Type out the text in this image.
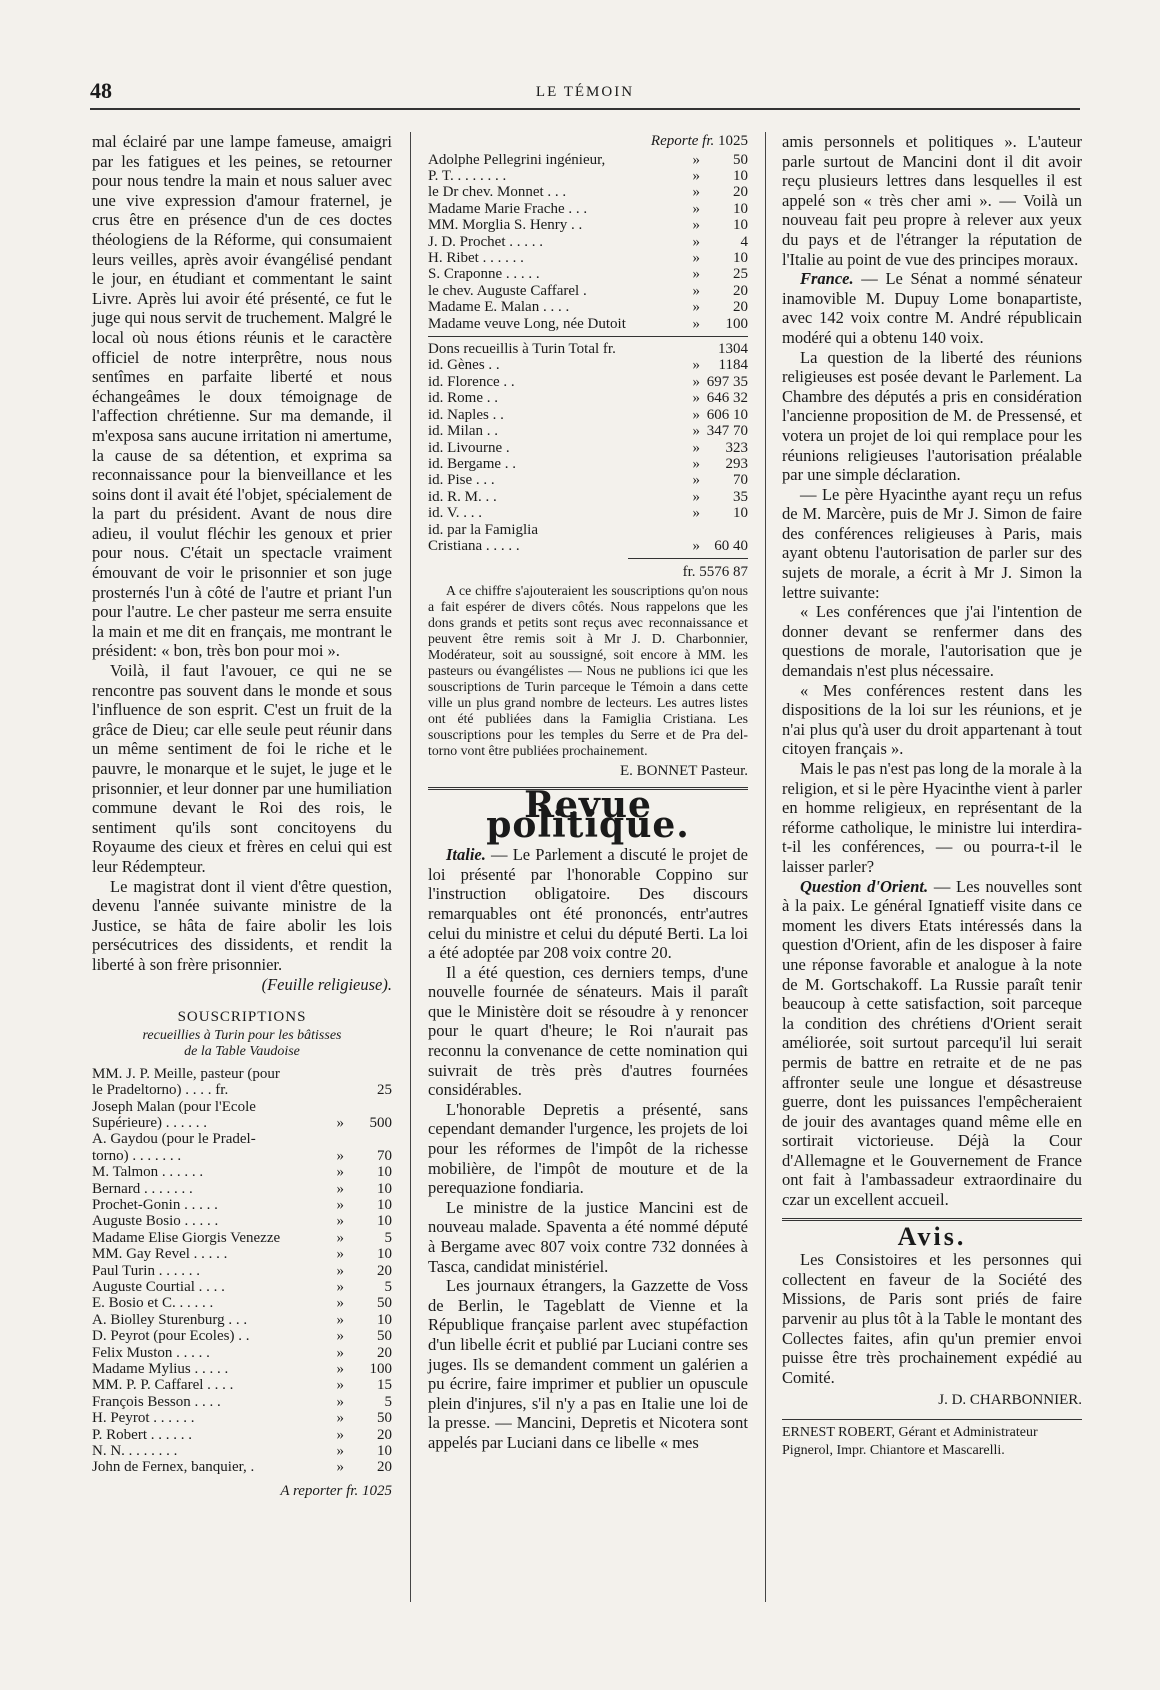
48	LE TÉMOIN

mal éclairé par une lampe fameuse, amaigri par les fatigues et les peines, se retourner pour nous tendre la main et nous saluer avec une vive expression d'amour fraternel, je crus être en présence d'un de ces doctes théologiens de la Réforme, qui consumaient leurs veilles, après avoir évangélisé pendant le jour, en étudiant et commentant le saint Livre. Après lui avoir été présenté, ce fut le juge qui nous servit de truchement. Malgré le local où nous étions réunis et le caractère officiel de notre interprêtre, nous nous sentîmes en parfaite liberté et nous échangeâmes le doux témoignage de l'affection chrétienne. Sur ma demande, il m'exposa sans aucune irritation ni amertume, la cause de sa détention, et exprima sa reconnaissance pour la bienveillance et les soins dont il avait été l'objet, spécialement de la part du président. Avant de nous dire adieu, il voulut fléchir les genoux et prier pour nous. C'était un spectacle vraiment émouvant de voir le prisonnier et son juge prosternés l'un à côté de l'autre et priant l'un pour l'autre. Le cher pasteur me serra ensuite la main et me dit en français, me montrant le président: « bon, très bon pour moi ».

Voilà, il faut l'avouer, ce qui ne se rencontre pas souvent dans le monde et sous l'influence de son esprit. C'est un fruit de la grâce de Dieu; car elle seule peut réunir dans un même sentiment de foi le riche et le pauvre, le monarque et le sujet, le juge et le prisonnier, et leur donner par une humiliation commune devant le Roi des rois, le sentiment qu'ils sont concitoyens du Royaume des cieux et frères en celui qui est leur Rédempteur.

Le magistrat dont il vient d'être question, devenu l'année suivante ministre de la Justice, se hâta de faire abolir les lois persécutrices des dissidents, et rendit la liberté à son frère prisonnier.

(Feuille religieuse).
SOUSCRIPTIONS
recueillies à Turin pour les bâtisses
de la Table Vaudoise
MM. J. P. Meille, pasteur (pour		
le Pradeltorno) . . . . fr.		25
Joseph Malan (pour l'Ecole		
Supérieure) . . . . . .	»	500
A. Gaydou (pour le Pradel-		
torno) . . . . . . .	»	70
M. Talmon . . . . . .	»	10
Bernard . . . . . . .	»	10
Prochet-Gonin . . . . .	»	10
Auguste Bosio . . . . .	»	10
Madame Elise Giorgis Venezze	»	5
MM. Gay Revel . . . . .	»	10
Paul Turin . . . . . .	»	20
Auguste Courtial . . . .	»	5
E. Bosio et C. . . . . .	»	50
A. Biolley Sturenburg . . .	»	10
D. Peyrot (pour Ecoles) . .	»	50
Felix Muston . . . . .	»	20
Madame Mylius . . . . .	»	100
MM. P. P. Caffarel . . . .	»	15
François Besson . . . .	»	5
H. Peyrot . . . . . .	»	50
P. Robert . . . . . .	»	20
N. N. . . . . . . .	»	10
John de Fernex, banquier, .	»	20
A reporter fr. 1025
Reporte fr. 1025
Adolphe Pellegrini ingénieur,	»	50
P. T. . . . . . . .	»	10
le Dr chev. Monnet . . .	»	20
Madame Marie Frache . . .	»	10
MM. Morglia S. Henry . .	»	10
J. D. Prochet . . . . .	»	4
H. Ribet . . . . . .	»	10
S. Craponne . . . . .	»	25
le chev. Auguste Caffarel .	»	20
Madame E. Malan . . . .	»	20
Madame veuve Long, née Dutoit	»	100
Dons recueillis à Turin Total fr.		1304
id. Gènes . .	»	1184
id. Florence . .	»	697 35
id. Rome . .	»	646 32
id. Naples . .	»	606 10
id. Milan . .	»	347 70
id. Livourne .	»	323
id. Bergame . .	»	293
id. Pise . . .	»	70
id. R. M. . .	»	35
id. V. . . .	»	10
id. par la Famiglia		
Cristiana . . . . .	»	60 40
fr. 5576 87

A ce chiffre s'ajouteraient les souscriptions qu'on nous a fait espérer de divers côtés. Nous rappelons que les dons grands et petits sont reçus avec reconnaissance et peuvent être remis soit à Mr J. D. Charbonnier, Modérateur, soit au soussigné, soit encore à MM. les pasteurs ou évangélistes — Nous ne publions ici que les souscriptions de Turin parceque le Témoin a dans cette ville un plus grand nombre de lecteurs. Les autres listes ont été publiées dans la Famiglia Cristiana. Les souscriptions pour les temples du Serre et de Pra del-torno vont être publiées prochainement.

E. BONNET Pasteur.
Revue politique.

Italie. — Le Parlement a discuté le projet de loi présenté par l'honorable Coppino sur l'instruction obligatoire. Des discours remarquables ont été prononcés, entr'autres celui du ministre et celui du député Berti. La loi a été adoptée par 208 voix contre 20.

Il a été question, ces derniers temps, d'une nouvelle fournée de sénateurs. Mais il paraît que le Ministère doit se résoudre à y renoncer pour le quart d'heure; le Roi n'aurait pas reconnu la convenance de cette nomination qui suivrait de très près d'autres fournées considérables.

L'honorable Depretis a présenté, sans cependant demander l'urgence, les projets de loi pour les réformes de l'impôt de la richesse mobilière, de l'impôt de mouture et de la perequazione fondiaria.

Le ministre de la justice Mancini est de nouveau malade. Spaventa a été nommé député à Bergame avec 807 voix contre 732 données à Tasca, candidat ministériel.

Les journaux étrangers, la Gazzette de Voss de Berlin, le Tageblatt de Vienne et la République française parlent avec stupéfaction d'un libelle écrit et publié par Luciani contre ses juges. Ils se demandent comment un galérien a pu écrire, faire imprimer et publier un opuscule plein d'injures, s'il n'y a pas en Italie une loi de la presse. — Mancini, Depretis et Nicotera sont appelés par Luciani dans ce libelle « mes

amis personnels et politiques ». L'auteur parle surtout de Mancini dont il dit avoir reçu plusieurs lettres dans lesquelles il est appelé son « très cher ami ». — Voilà un nouveau fait peu propre à relever aux yeux du pays et de l'étranger la réputation de l'Italie au point de vue des principes moraux.

France. — Le Sénat a nommé sénateur inamovible M. Dupuy Lome bonapartiste, avec 142 voix contre M. André républicain modéré qui a obtenu 140 voix.

La question de la liberté des réunions religieuses est posée devant le Parlement. La Chambre des députés a pris en considération l'ancienne proposition de M. de Pressensé, et votera un projet de loi qui remplace pour les réunions religieuses l'autorisation préalable par une simple déclaration.

— Le père Hyacinthe ayant reçu un refus de M. Marcère, puis de Mr J. Simon de faire des conférences religieuses à Paris, mais ayant obtenu l'autorisation de parler sur des sujets de morale, a écrit à Mr J. Simon la lettre suivante:

« Les conférences que j'ai l'intention de donner devant se renfermer dans des questions de morale, l'autorisation que je demandais n'est plus nécessaire.

« Mes conférences restent dans les dispositions de la loi sur les réunions, et je n'ai plus qu'à user du droit appartenant à tout citoyen français ».

Mais le pas n'est pas long de la morale à la religion, et si le père Hyacinthe vient à parler en homme religieux, en représentant de la réforme catholique, le ministre lui interdira-t-il les conférences, — ou pourra-t-il le laisser parler?

Question d'Orient. — Les nouvelles sont à la paix. Le général Ignatieff visite dans ce moment les divers Etats intéressés dans la question d'Orient, afin de les disposer à faire une réponse favorable et analogue à la note de M. Gortschakoff. La Russie paraît tenir beaucoup à cette satisfaction, soit parceque la condition des chrétiens d'Orient serait améliorée, soit surtout parcequ'il lui serait permis de battre en retraite et de ne pas affronter seule une longue et désastreuse guerre, dont les puissances l'empêcheraient de jouir des avantages quand même elle en sortirait victorieuse. Déjà la Cour d'Allemagne et le Gouvernement de France ont fait à l'ambassadeur extraordinaire du czar un excellent accueil.

Avis.

Les Consistoires et les personnes qui collectent en faveur de la Société des Missions, de Paris sont priés de faire parvenir au plus tôt à la Table le montant des Collectes faites, afin qu'un premier envoi puisse être très prochainement expédié au Comité.

J. D. CHARBONNIER.
ERNEST ROBERT, Gérant et Administrateur
Pignerol, Impr. Chiantore et Mascarelli.
